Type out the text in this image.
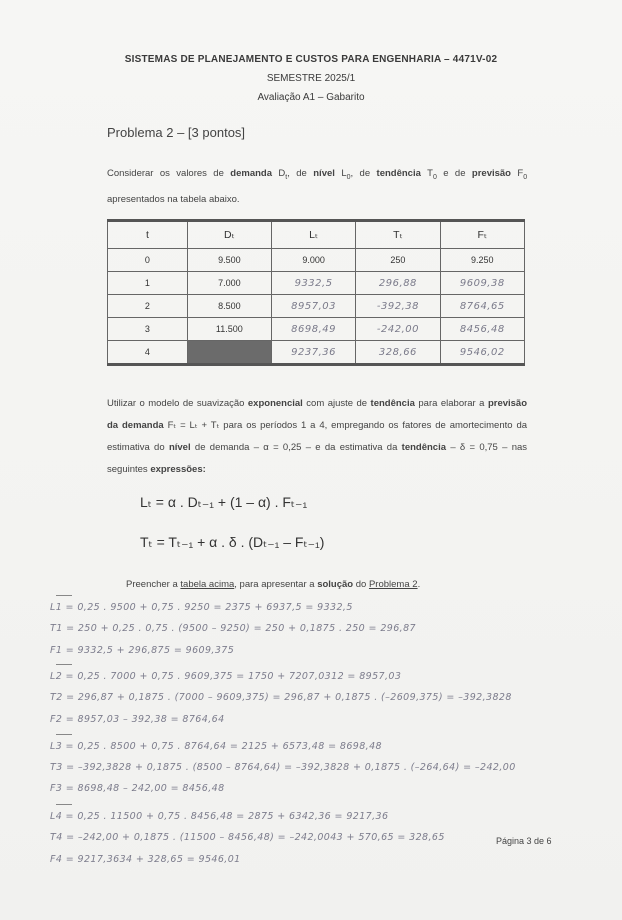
SISTEMAS DE PLANEJAMENTO E CUSTOS PARA ENGENHARIA – 4471V-02
SEMESTRE 2025/1
Avaliação A1 – Gabarito
Problema 2 – [3 pontos]
Considerar os valores de demanda $D_t$, de nível $L_0$, de tendência $T_0$ e de previsão $F_0$ apresentados na tabela abaixo.
t	Dₜ	Lₜ	Tₜ	Fₜ
0	9.500	9.000	250	9.250
1	7.000	9332,5	296,88	9609,38
2	8.500	8957,03	-392,38	8764,65
3	11.500	8698,49	-242,00	8456,48
4		9237,36	328,66	9546,02
Utilizar o modelo de suavização exponencial com ajuste de tendência para elaborar a previsão da demanda Fₜ = Lₜ + Tₜ para os períodos 1 a 4, empregando os fatores de amortecimento da estimativa do nível de demanda – α = 0,25 – e da estimativa da tendência – δ = 0,75 – nas seguintes expressões:
Lₜ = α . Dₜ₋₁ + (1 – α) . Fₜ₋₁
Tₜ = Tₜ₋₁ + α . δ . (Dₜ₋₁ – Fₜ₋₁)
Preencher a tabela acima, para apresentar a solução do Problema 2.
L1 = 0,25 . 9500 + 0,75 . 9250 = 2375 + 6937,5 = 9332,5
T1 = 250 + 0,25 . 0,75 . (9500 – 9250) = 250 + 0,1875 . 250 = 296,87
F1 = 9332,5 + 296,875 = 9609,375
L2 = 0,25 . 7000 + 0,75 . 9609,375 = 1750 + 7207,0312 = 8957,03
T2 = 296,87 + 0,1875 . (7000 – 9609,375) = 296,87 + 0,1875 . (–2609,375) = –392,3828
F2 = 8957,03 – 392,38 = 8764,64
L3 = 0,25 . 8500 + 0,75 . 8764,64 = 2125 + 6573,48 = 8698,48
T3 = –392,3828 + 0,1875 . (8500 – 8764,64) = –392,3828 + 0,1875 . (–264,64) = –242,00
F3 = 8698,48 – 242,00 = 8456,48
L4 = 0,25 . 11500 + 0,75 . 8456,48 = 2875 + 6342,36 = 9217,36
T4 = –242,00 + 0,1875 . (11500 – 8456,48) = –242,0043 + 570,65 = 328,65
F4 = 9217,3634 + 328,65 = 9546,01
Página 3 de 6
